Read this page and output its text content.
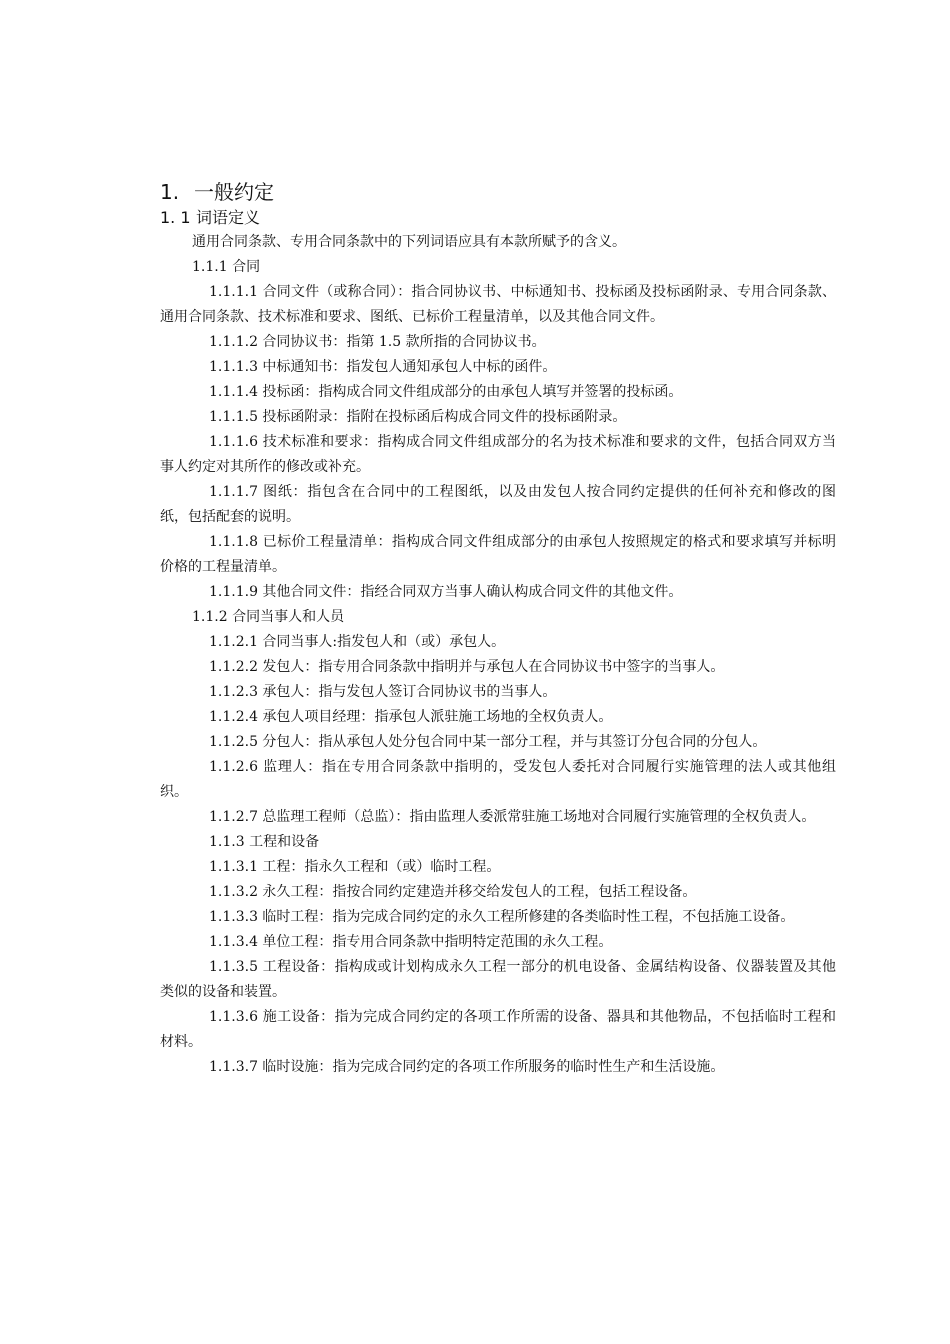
1. 一般约定
1. 1 词语定义

通用合同条款、专用合同条款中的下列词语应具有本款所赋予的含义。

1.1.1 合同

1.1.1.1 合同文件（或称合同）：指合同协议书、中标通知书、投标函及投标函附录、专用合同条款、通用合同条款、技术标准和要求、图纸、已标价工程量清单，以及其他合同文件。

1.1.1.2 合同协议书：指第 1.5 款所指的合同协议书。

1.1.1.3 中标通知书：指发包人通知承包人中标的函件。

1.1.1.4 投标函：指构成合同文件组成部分的由承包人填写并签署的投标函。

1.1.1.5 投标函附录：指附在投标函后构成合同文件的投标函附录。

1.1.1.6 技术标准和要求：指构成合同文件组成部分的名为技术标准和要求的文件，包括合同双方当事人约定对其所作的修改或补充。

1.1.1.7 图纸：指包含在合同中的工程图纸，以及由发包人按合同约定提供的任何补充和修改的图纸，包括配套的说明。

1.1.1.8 已标价工程量清单：指构成合同文件组成部分的由承包人按照规定的格式和要求填写并标明价格的工程量清单。

1.1.1.9 其他合同文件：指经合同双方当事人确认构成合同文件的其他文件。

1.1.2 合同当事人和人员

1.1.2.1 合同当事人:指发包人和（或）承包人。

1.1.2.2 发包人：指专用合同条款中指明并与承包人在合同协议书中签字的当事人。

1.1.2.3 承包人：指与发包人签订合同协议书的当事人。

1.1.2.4 承包人项目经理：指承包人派驻施工场地的全权负责人。

1.1.2.5 分包人：指从承包人处分包合同中某一部分工程，并与其签订分包合同的分包人。

1.1.2.6 监理人：指在专用合同条款中指明的，受发包人委托对合同履行实施管理的法人或其他组织。

1.1.2.7 总监理工程师（总监）：指由监理人委派常驻施工场地对合同履行实施管理的全权负责人。

1.1.3 工程和设备

1.1.3.1 工程：指永久工程和（或）临时工程。

1.1.3.2 永久工程：指按合同约定建造并移交给发包人的工程，包括工程设备。

1.1.3.3 临时工程：指为完成合同约定的永久工程所修建的各类临时性工程，不包括施工设备。

1.1.3.4 单位工程：指专用合同条款中指明特定范围的永久工程。

1.1.3.5 工程设备：指构成或计划构成永久工程一部分的机电设备、金属结构设备、仪器装置及其他类似的设备和装置。

1.1.3.6 施工设备：指为完成合同约定的各项工作所需的设备、器具和其他物品，不包括临时工程和材料。

1.1.3.7 临时设施：指为完成合同约定的各项工作所服务的临时性生产和生活设施。
